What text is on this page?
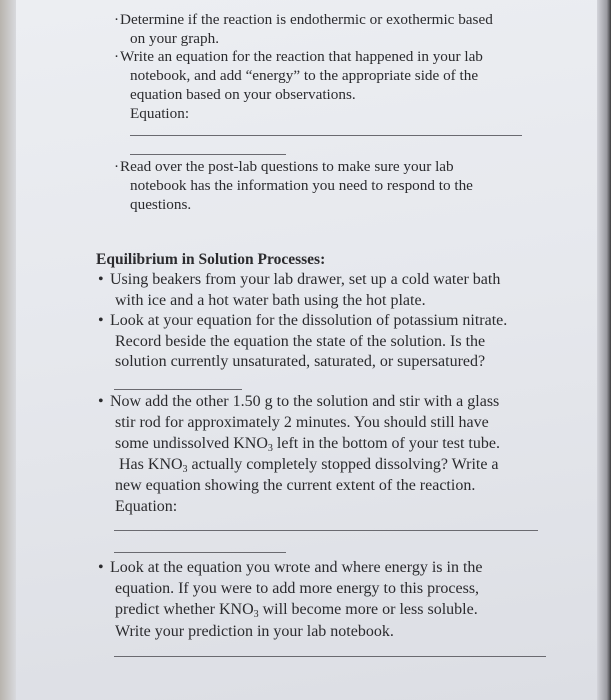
· Determine if the reaction is endothermic or exothermic based
on your graph.
· Write an equation for the reaction that happened in your lab
notebook, and add “energy” to the appropriate side of the
equation based on your observations.
Equation:
· Read over the post-lab questions to make sure your lab
notebook has the information you need to respond to the
questions.
Equilibrium in Solution Processes:
• Using beakers from your lab drawer, set up a cold water bath
with ice and a hot water bath using the hot plate.
• Look at your equation for the dissolution of potassium nitrate.
Record beside the equation the state of the solution. Is the
solution currently unsaturated, saturated, or supersatured?
• Now add the other 1.50 g to the solution and stir with a glass
stir rod for approximately 2 minutes. You should still have
some undissolved KNO3 left in the bottom of your test tube.
Has KNO3 actually completely stopped dissolving? Write a
new equation showing the current extent of the reaction.
Equation:
• Look at the equation you wrote and where energy is in the
equation. If you were to add more energy to this process,
predict whether KNO3 will become more or less soluble.
Write your prediction in your lab notebook.
